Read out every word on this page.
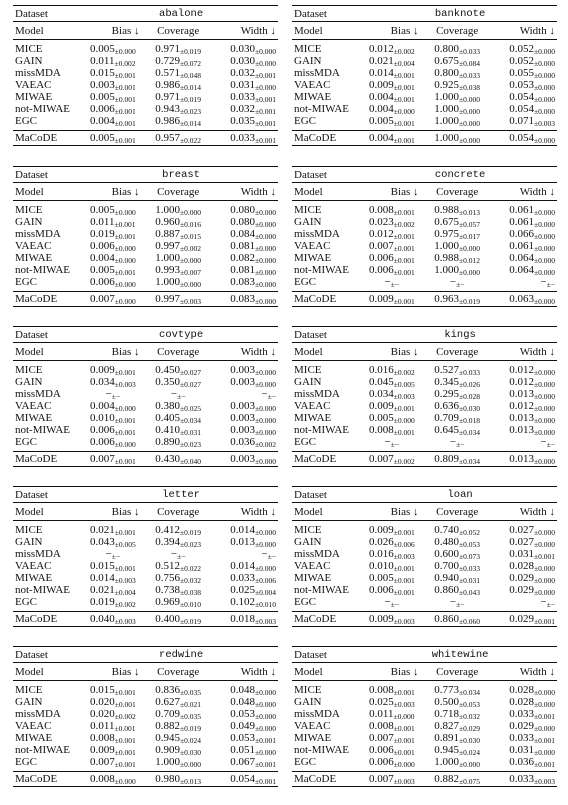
Dataset	abalone		
Model	Bias ↓	Coverage	Width ↓
MICE	$0.005_{\pm 0.000}$	$0.971_{\pm 0.019}$	$0.030_{\pm 0.000}$
GAIN	$0.011_{\pm 0.002}$	$0.729_{\pm 0.072}$	$0.030_{\pm 0.000}$
missMDA	$0.015_{\pm 0.001}$	$0.571_{\pm 0.048}$	$0.032_{\pm 0.001}$
VAEAC	$0.003_{\pm 0.001}$	$0.986_{\pm 0.014}$	$0.031_{\pm 0.000}$
MIWAE	$0.005_{\pm 0.001}$	$0.971_{\pm 0.019}$	$0.033_{\pm 0.001}$
not-MIWAE	$0.006_{\pm 0.001}$	$0.943_{\pm 0.023}$	$0.032_{\pm 0.001}$
EGC	$0.004_{\pm 0.001}$	$0.986_{\pm 0.014}$	$0.035_{\pm 0.001}$
MaCoDE	$0.005_{\pm 0.001}$	$0.957_{\pm 0.022}$	$0.033_{\pm 0.001}$
Dataset	banknote		
Model	Bias ↓	Coverage	Width ↓
MICE	$0.012_{\pm 0.002}$	$0.800_{\pm 0.033}$	$0.052_{\pm 0.000}$
GAIN	$0.021_{\pm 0.004}$	$0.675_{\pm 0.084}$	$0.052_{\pm 0.000}$
missMDA	$0.014_{\pm 0.001}$	$0.800_{\pm 0.033}$	$0.055_{\pm 0.000}$
VAEAC	$0.009_{\pm 0.001}$	$0.925_{\pm 0.038}$	$0.053_{\pm 0.000}$
MIWAE	$0.004_{\pm 0.001}$	$1.000_{\pm 0.000}$	$0.054_{\pm 0.000}$
not-MIWAE	$0.004_{\pm 0.000}$	$1.000_{\pm 0.000}$	$0.054_{\pm 0.000}$
EGC	$0.005_{\pm 0.001}$	$1.000_{\pm 0.000}$	$0.071_{\pm 0.003}$
MaCoDE	$0.004_{\pm 0.001}$	$1.000_{\pm 0.000}$	$0.054_{\pm 0.000}$
Dataset	breast		
Model	Bias ↓	Coverage	Width ↓
MICE	$0.005_{\pm 0.000}$	$1.000_{\pm 0.000}$	$0.080_{\pm 0.000}$
GAIN	$0.011_{\pm 0.001}$	$0.960_{\pm 0.016}$	$0.080_{\pm 0.000}$
missMDA	$0.019_{\pm 0.001}$	$0.887_{\pm 0.015}$	$0.084_{\pm 0.000}$
VAEAC	$0.006_{\pm 0.000}$	$0.997_{\pm 0.002}$	$0.081_{\pm 0.000}$
MIWAE	$0.004_{\pm 0.000}$	$1.000_{\pm 0.000}$	$0.082_{\pm 0.000}$
not-MIWAE	$0.005_{\pm 0.001}$	$0.993_{\pm 0.007}$	$0.081_{\pm 0.000}$
EGC	$0.006_{\pm 0.000}$	$1.000_{\pm 0.000}$	$0.083_{\pm 0.000}$
MaCoDE	$0.007_{\pm 0.000}$	$0.997_{\pm 0.003}$	$0.083_{\pm 0.000}$
Dataset	concrete		
Model	Bias ↓	Coverage	Width ↓
MICE	$0.008_{\pm 0.001}$	$0.988_{\pm 0.013}$	$0.061_{\pm 0.000}$
GAIN	$0.023_{\pm 0.002}$	$0.675_{\pm 0.057}$	$0.061_{\pm 0.000}$
missMDA	$0.012_{\pm 0.001}$	$0.975_{\pm 0.017}$	$0.066_{\pm 0.000}$
VAEAC	$0.007_{\pm 0.001}$	$1.000_{\pm 0.000}$	$0.061_{\pm 0.000}$
MIWAE	$0.006_{\pm 0.001}$	$0.988_{\pm 0.012}$	$0.064_{\pm 0.000}$
not-MIWAE	$0.006_{\pm 0.001}$	$1.000_{\pm 0.000}$	$0.064_{\pm 0.000}$
EGC	$-_{\pm-}$	$-_{\pm-}$	$-_{\pm-}$
MaCoDE	$0.009_{\pm 0.001}$	$0.963_{\pm 0.019}$	$0.063_{\pm 0.000}$
Dataset	covtype		
Model	Bias ↓	Coverage	Width ↓
MICE	$0.009_{\pm 0.001}$	$0.450_{\pm 0.027}$	$0.003_{\pm 0.000}$
GAIN	$0.034_{\pm 0.003}$	$0.350_{\pm 0.027}$	$0.003_{\pm 0.000}$
missMDA	$-_{\pm-}$	$-_{\pm-}$	$-_{\pm-}$
VAEAC	$0.004_{\pm 0.000}$	$0.380_{\pm 0.025}$	$0.003_{\pm 0.000}$
MIWAE	$0.010_{\pm 0.001}$	$0.405_{\pm 0.034}$	$0.003_{\pm 0.000}$
not-MIWAE	$0.006_{\pm 0.001}$	$0.410_{\pm 0.031}$	$0.003_{\pm 0.000}$
EGC	$0.006_{\pm 0.000}$	$0.890_{\pm 0.023}$	$0.036_{\pm 0.002}$
MaCoDE	$0.007_{\pm 0.001}$	$0.430_{\pm 0.040}$	$0.003_{\pm 0.000}$
Dataset	kings		
Model	Bias ↓	Coverage	Width ↓
MICE	$0.016_{\pm 0.002}$	$0.527_{\pm 0.033}$	$0.012_{\pm 0.000}$
GAIN	$0.045_{\pm 0.005}$	$0.345_{\pm 0.026}$	$0.012_{\pm 0.000}$
missMDA	$0.034_{\pm 0.003}$	$0.295_{\pm 0.028}$	$0.013_{\pm 0.000}$
VAEAC	$0.009_{\pm 0.001}$	$0.636_{\pm 0.030}$	$0.012_{\pm 0.000}$
MIWAE	$0.005_{\pm 0.000}$	$0.709_{\pm 0.018}$	$0.013_{\pm 0.000}$
not-MIWAE	$0.008_{\pm 0.001}$	$0.645_{\pm 0.034}$	$0.013_{\pm 0.000}$
EGC	$-_{\pm-}$	$-_{\pm-}$	$-_{\pm-}$
MaCoDE	$0.007_{\pm 0.002}$	$0.809_{\pm 0.034}$	$0.013_{\pm 0.000}$
Dataset	letter		
Model	Bias ↓	Coverage	Width ↓
MICE	$0.021_{\pm 0.001}$	$0.412_{\pm 0.019}$	$0.014_{\pm 0.000}$
GAIN	$0.043_{\pm 0.005}$	$0.394_{\pm 0.023}$	$0.013_{\pm 0.000}$
missMDA	$-_{\pm-}$	$-_{\pm-}$	$-_{\pm-}$
VAEAC	$0.015_{\pm 0.001}$	$0.512_{\pm 0.022}$	$0.014_{\pm 0.000}$
MIWAE	$0.014_{\pm 0.003}$	$0.756_{\pm 0.032}$	$0.033_{\pm 0.006}$
not-MIWAE	$0.021_{\pm 0.004}$	$0.738_{\pm 0.038}$	$0.025_{\pm 0.004}$
EGC	$0.019_{\pm 0.002}$	$0.969_{\pm 0.010}$	$0.102_{\pm 0.010}$
MaCoDE	$0.040_{\pm 0.003}$	$0.400_{\pm 0.019}$	$0.018_{\pm 0.003}$
Dataset	loan		
Model	Bias ↓	Coverage	Width ↓
MICE	$0.009_{\pm 0.001}$	$0.740_{\pm 0.052}$	$0.027_{\pm 0.000}$
GAIN	$0.026_{\pm 0.006}$	$0.480_{\pm 0.053}$	$0.027_{\pm 0.000}$
missMDA	$0.016_{\pm 0.003}$	$0.600_{\pm 0.073}$	$0.031_{\pm 0.001}$
VAEAC	$0.010_{\pm 0.001}$	$0.700_{\pm 0.033}$	$0.028_{\pm 0.000}$
MIWAE	$0.005_{\pm 0.001}$	$0.940_{\pm 0.031}$	$0.029_{\pm 0.000}$
not-MIWAE	$0.006_{\pm 0.001}$	$0.860_{\pm 0.043}$	$0.029_{\pm 0.000}$
EGC	$-_{\pm-}$	$-_{\pm-}$	$-_{\pm-}$
MaCoDE	$0.009_{\pm 0.003}$	$0.860_{\pm 0.060}$	$0.029_{\pm 0.001}$
Dataset	redwine		
Model	Bias ↓	Coverage	Width ↓
MICE	$0.015_{\pm 0.001}$	$0.836_{\pm 0.035}$	$0.048_{\pm 0.000}$
GAIN	$0.020_{\pm 0.001}$	$0.627_{\pm 0.021}$	$0.048_{\pm 0.000}$
missMDA	$0.020_{\pm 0.002}$	$0.709_{\pm 0.035}$	$0.053_{\pm 0.000}$
VAEAC	$0.011_{\pm 0.001}$	$0.882_{\pm 0.019}$	$0.049_{\pm 0.000}$
MIWAE	$0.008_{\pm 0.001}$	$0.945_{\pm 0.024}$	$0.053_{\pm 0.001}$
not-MIWAE	$0.009_{\pm 0.001}$	$0.909_{\pm 0.030}$	$0.051_{\pm 0.000}$
EGC	$0.007_{\pm 0.001}$	$1.000_{\pm 0.000}$	$0.067_{\pm 0.001}$
MaCoDE	$0.008_{\pm 0.000}$	$0.980_{\pm 0.013}$	$0.054_{\pm 0.001}$
Dataset	whitewine		
Model	Bias ↓	Coverage	Width ↓
MICE	$0.008_{\pm 0.001}$	$0.773_{\pm 0.034}$	$0.028_{\pm 0.000}$
GAIN	$0.025_{\pm 0.003}$	$0.500_{\pm 0.053}$	$0.028_{\pm 0.000}$
missMDA	$0.011_{\pm 0.000}$	$0.718_{\pm 0.032}$	$0.033_{\pm 0.001}$
VAEAC	$0.008_{\pm 0.001}$	$0.827_{\pm 0.029}$	$0.029_{\pm 0.000}$
MIWAE	$0.007_{\pm 0.001}$	$0.891_{\pm 0.030}$	$0.033_{\pm 0.001}$
not-MIWAE	$0.006_{\pm 0.001}$	$0.945_{\pm 0.024}$	$0.031_{\pm 0.000}$
EGC	$0.006_{\pm 0.000}$	$1.000_{\pm 0.000}$	$0.036_{\pm 0.001}$
MaCoDE	$0.007_{\pm 0.003}$	$0.882_{\pm 0.075}$	$0.033_{\pm 0.003}$
